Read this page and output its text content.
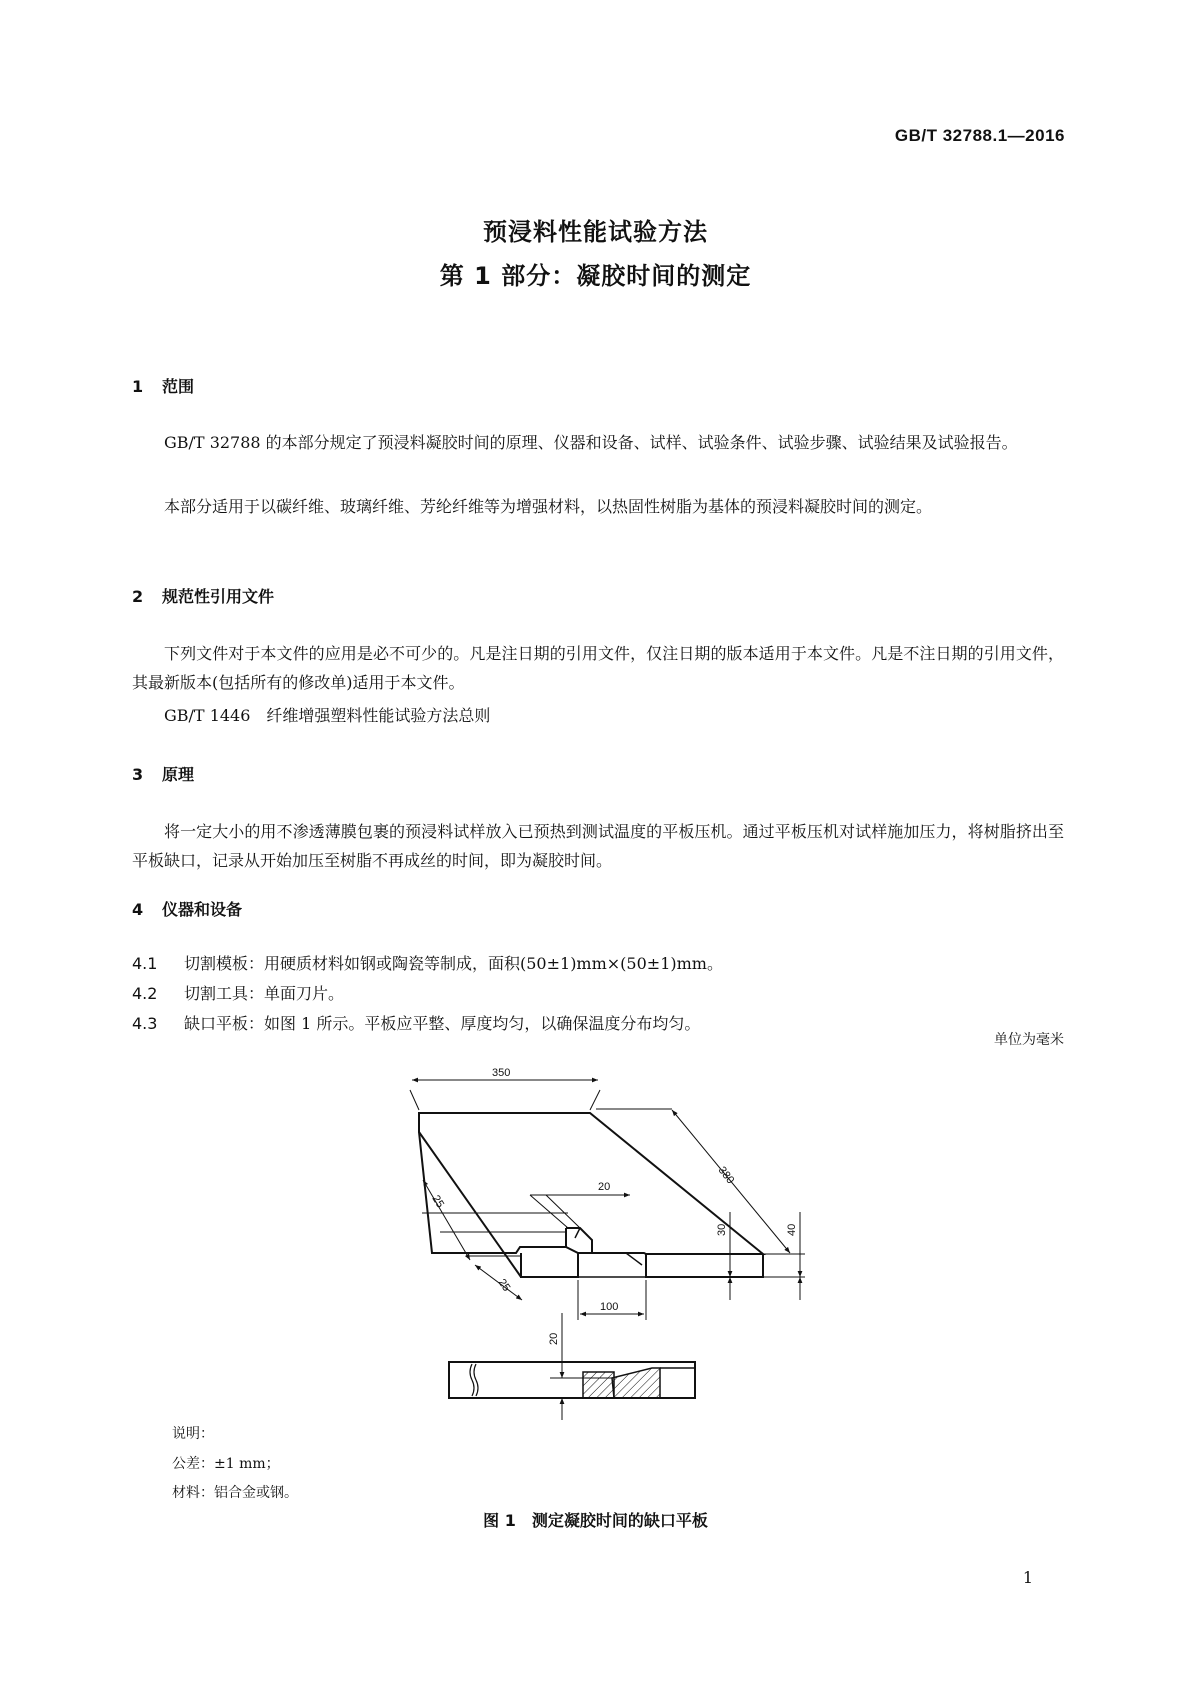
GB/T 32788.1—2016
预浸料性能试验方法
第 1 部分：凝胶时间的测定
1 范围
GB/T 32788 的本部分规定了预浸料凝胶时间的原理、仪器和设备、试样、试验条件、试验步骤、试验结果及试验报告。
本部分适用于以碳纤维、玻璃纤维、芳纶纤维等为增强材料，以热固性树脂为基体的预浸料凝胶时间的测定。
2 规范性引用文件
下列文件对于本文件的应用是必不可少的。凡是注日期的引用文件，仅注日期的版本适用于本文件。凡是不注日期的引用文件，其最新版本(包括所有的修改单)适用于本文件。
GB/T 1446　纤维增强塑料性能试验方法总则
3 原理
将一定大小的用不渗透薄膜包裹的预浸料试样放入已预热到测试温度的平板压机。通过平板压机对试样施加压力，将树脂挤出至平板缺口，记录从开始加压至树脂不再成丝的时间，即为凝胶时间。
4 仪器和设备
4.1 切割模板：用硬质材料如钢或陶瓷等制成，面积(50±1)mm×(50±1)mm。
4.2 切割工具：单面刀片。
4.3 缺口平板：如图 1 所示。平板应平整、厚度均匀，以确保温度分布均匀。
单位为毫米
350
380
20
30	40
25
25
100
20
说明：
公差：±1 mm；
材料：铝合金或钢。
图 1　测定凝胶时间的缺口平板
1
